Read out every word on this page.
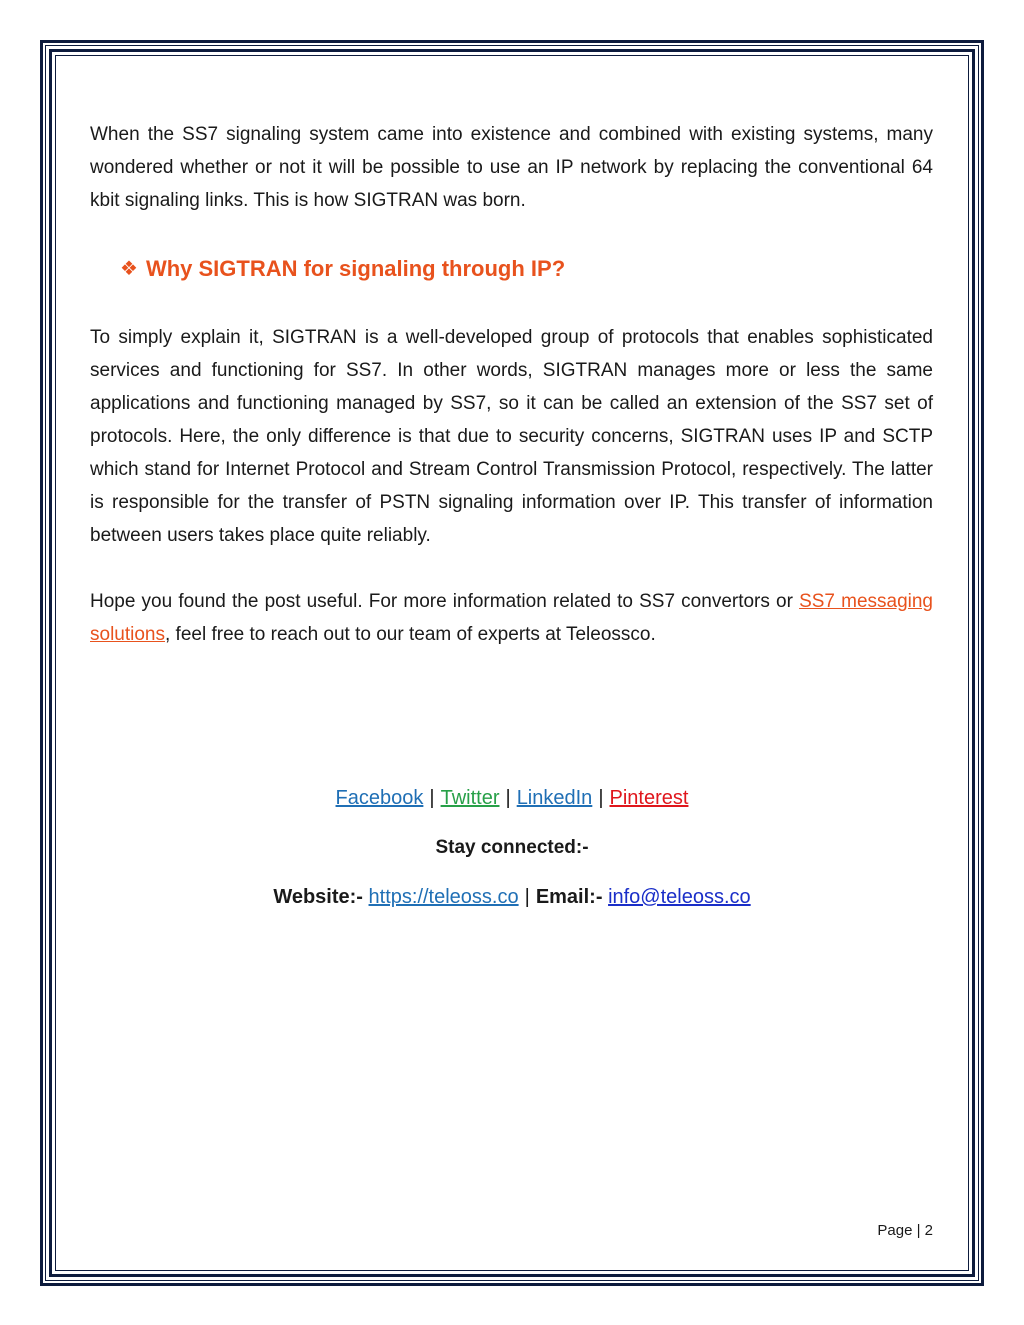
When the SS7 signaling system came into existence and combined with existing systems, many wondered whether or not it will be possible to use an IP network by replacing the conventional 64 kbit signaling links. This is how SIGTRAN was born.

❖ Why SIGTRAN for signaling through IP?

To simply explain it, SIGTRAN is a well-developed group of protocols that enables sophisticated services and functioning for SS7. In other words, SIGTRAN manages more or less the same applications and functioning managed by SS7, so it can be called an extension of the SS7 set of protocols. Here, the only difference is that due to security concerns, SIGTRAN uses IP and SCTP which stand for Internet Protocol and Stream Control Transmission Protocol, respectively. The latter is responsible for the transfer of PSTN signaling information over IP. This transfer of information between users takes place quite reliably.

Hope you found the post useful. For more information related to SS7 convertors or SS7 messaging solutions, feel free to reach out to our team of experts at Teleossco.

Facebook | Twitter | LinkedIn | Pinterest
Stay connected:-
Website:- https://teleoss.co | Email:- info@teleoss.co
Page | 2
